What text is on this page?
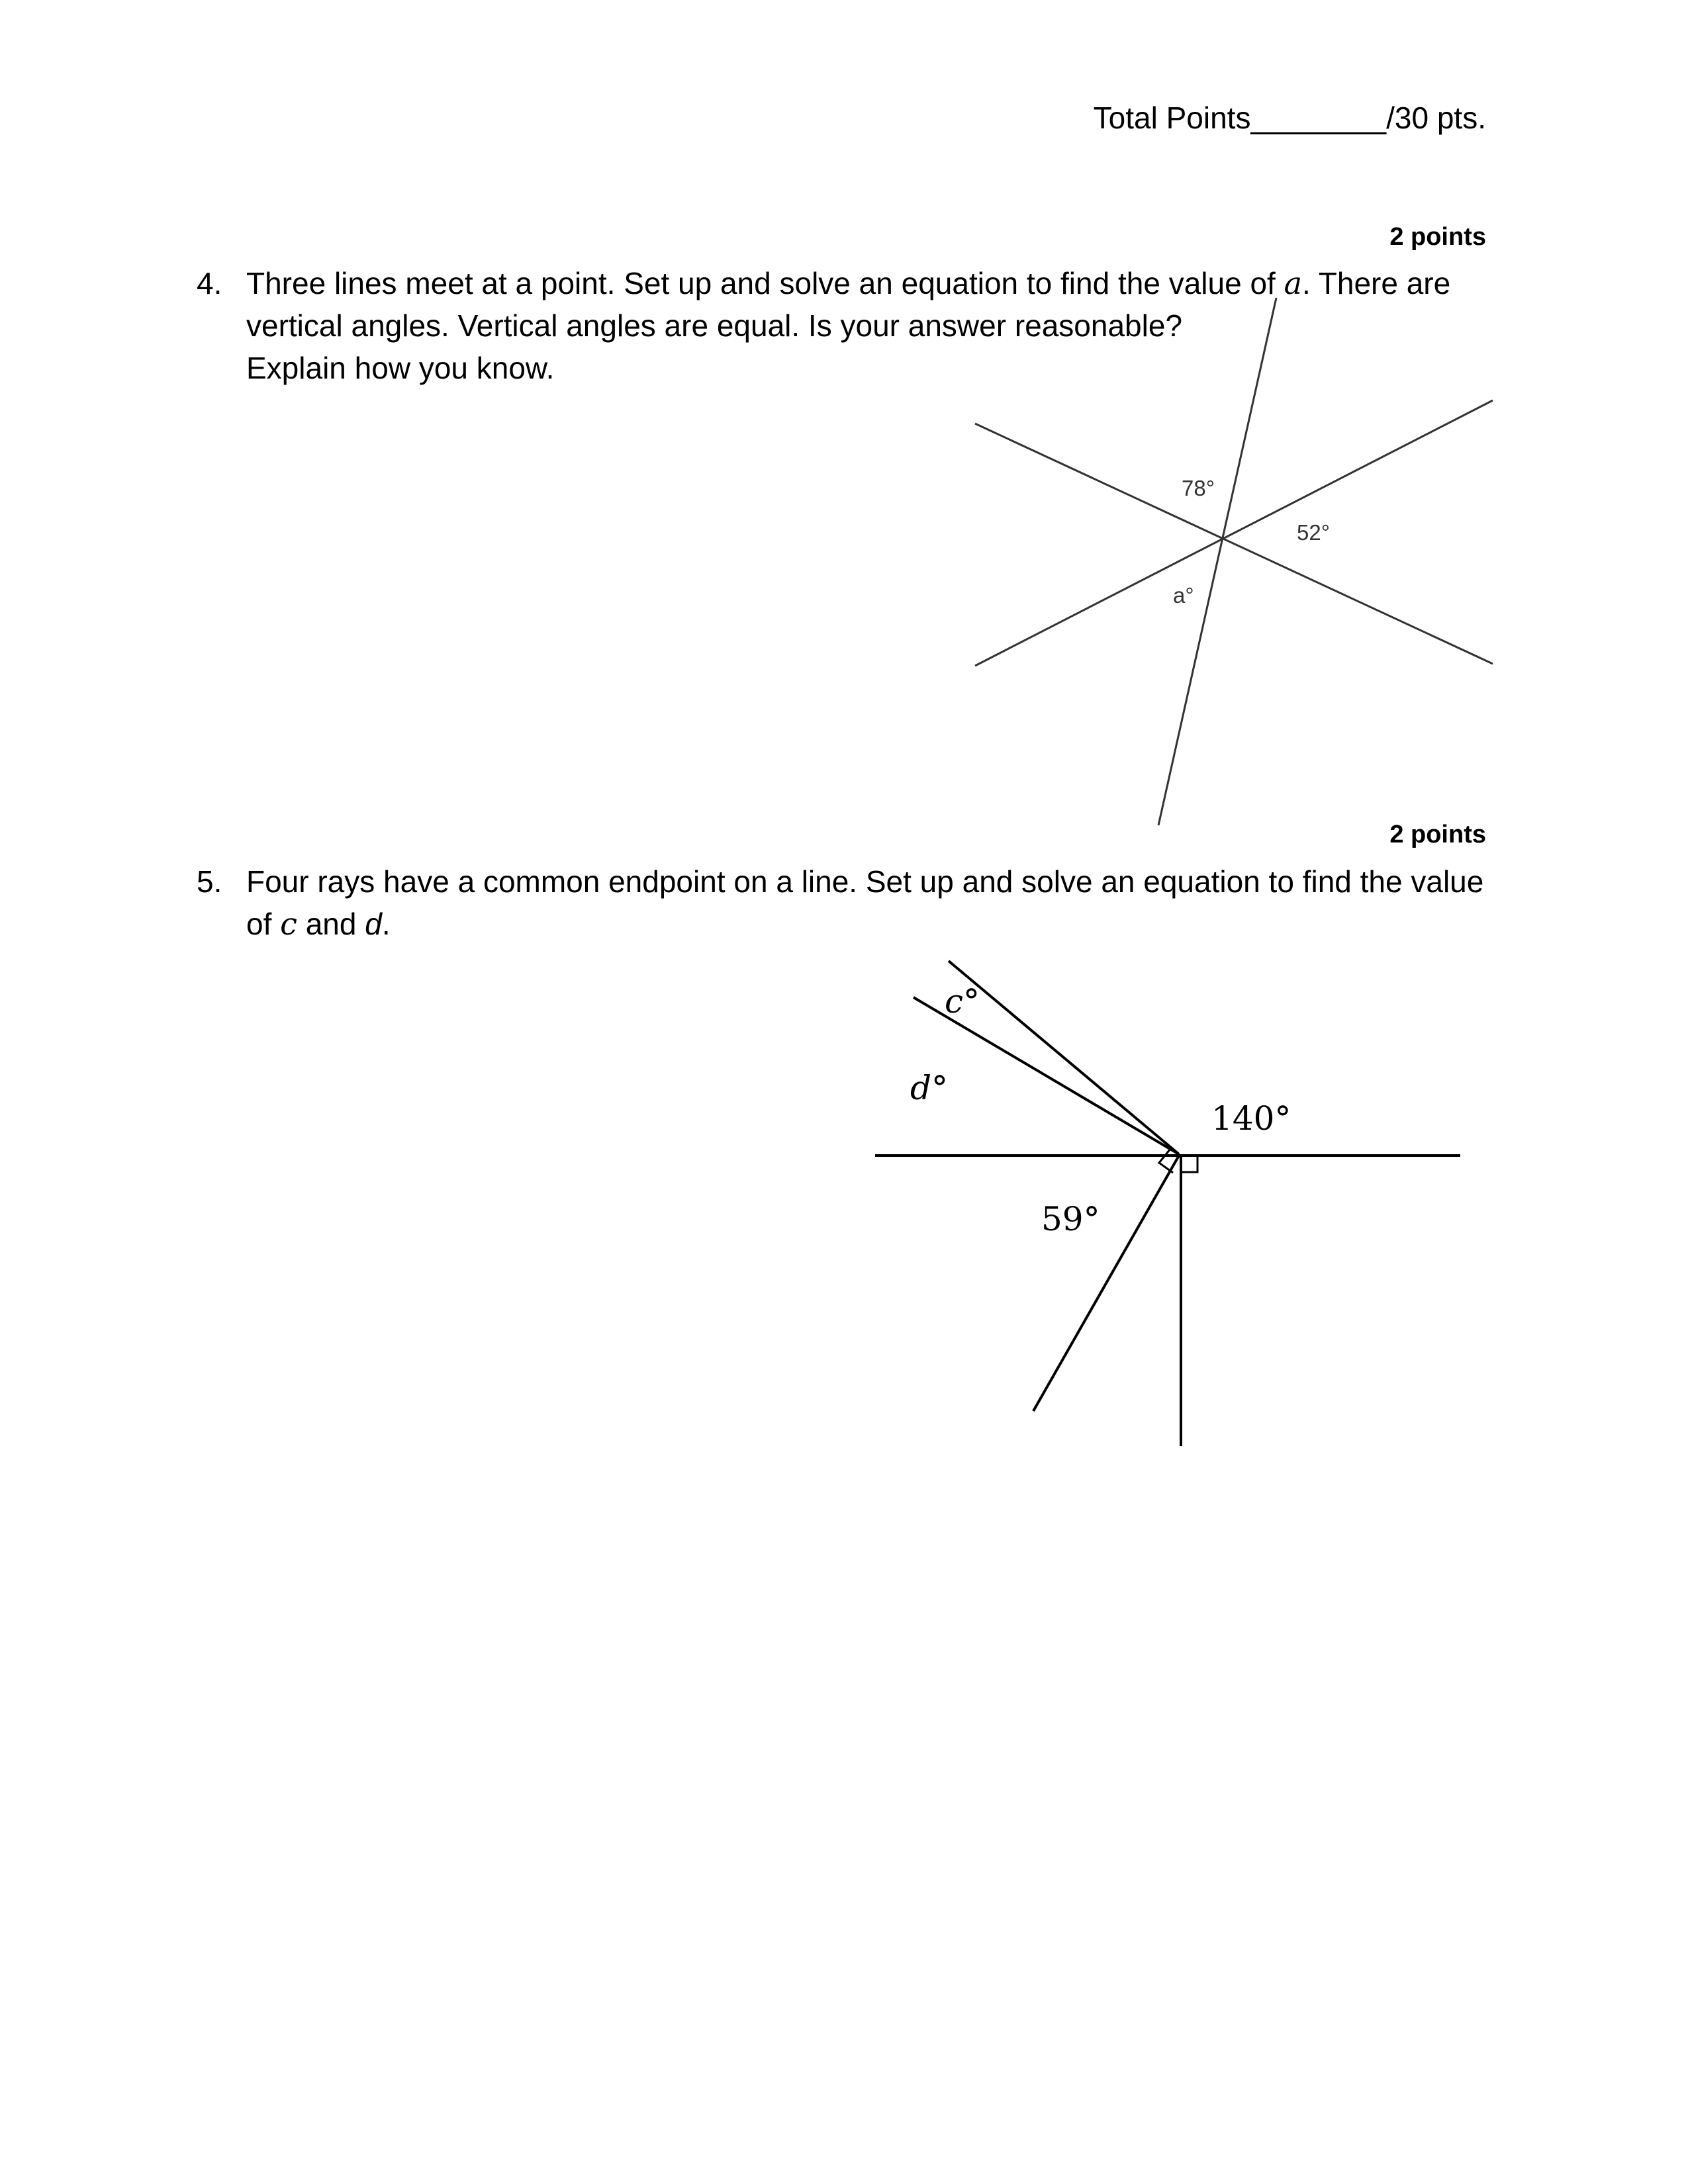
Total Points________/30 pts.
2 points
4. Three lines meet at a point. Set up and solve an equation to find the value of a. There are
vertical angles. Vertical angles are equal. Is your answer reasonable?
Explain how you know.
2 points
5. Four rays have a common endpoint on a line. Set up and solve an equation to find the value
of c and d.
78°
52°
a°
c°
d°
140°
59°
